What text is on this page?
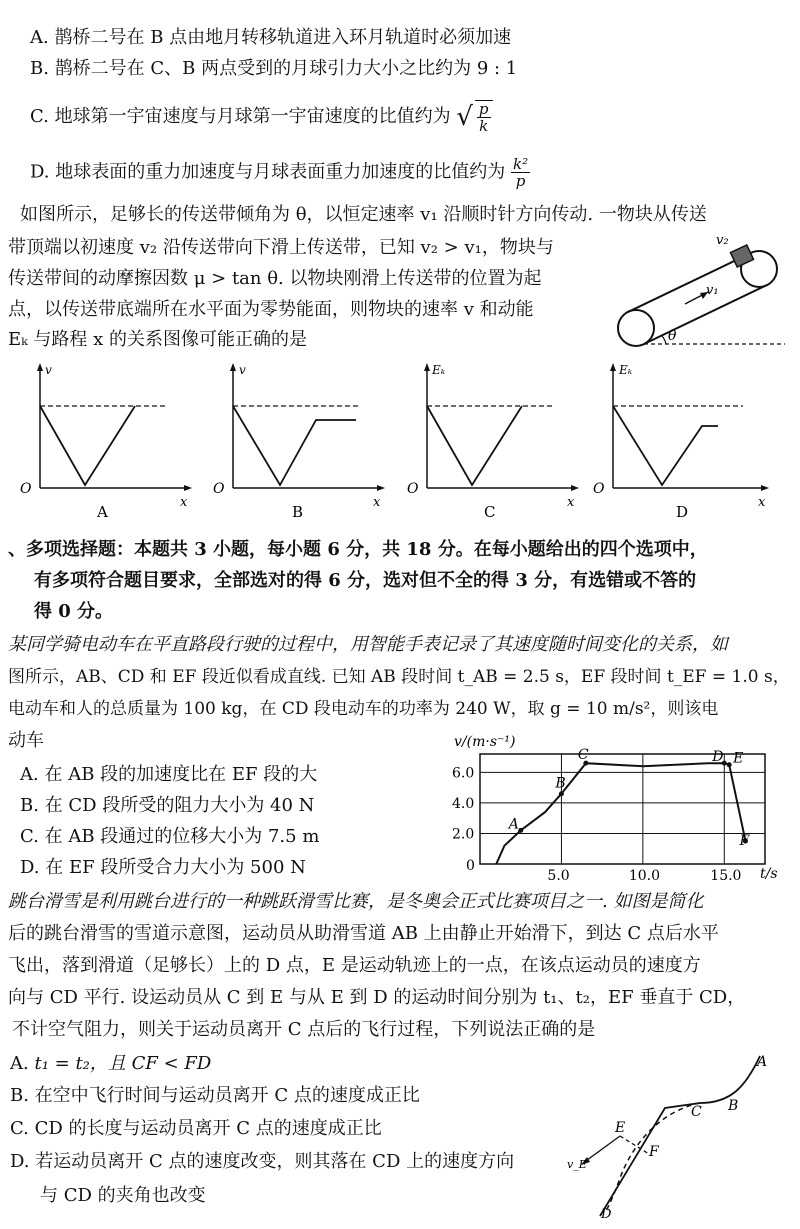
A. 鹊桥二号在 B 点由地月转移轨道进入环月轨道时必须加速
B. 鹊桥二号在 C、B 两点受到的月球引力大小之比约为 9 : 1
C. 地球第一宇宙速度与月球第一宇宙速度的比值约为 √ $\frac{p}{k}$
D. 地球表面的重力加速度与月球表面重力加速度的比值约为 $\frac{\text{k²}}{p}$
如图所示，足够长的传送带倾角为 θ，以恒定速率 v₁ 沿顺时针方向传动. 一物块从传送
带顶端以初速度 v₂ 沿传送带向下滑上传送带，已知 v₂ > v₁，物块与
传送带间的动摩擦因数 μ > tan θ. 以物块刚滑上传送带的位置为起
点，以传送带底端所在水平面为零势能面，则物块的速率 v 和动能
Eₖ 与路程 x 的关系图像可能正确的是
v₁
v₂
θ
v
O
x
A
v
O
x
B
Eₖ
O
x
C
Eₖ
O
x
D
、多项选择题：本题共 3 小题，每小题 6 分，共 18 分。在每小题给出的四个选项中，
有多项符合题目要求，全部选对的得 6 分，选对但不全的得 3 分，有选错或不答的
得 0 分。
某同学骑电动车在平直路段行驶的过程中，用智能手表记录了其速度随时间变化的关系，如
图所示，AB、CD 和 EF 段近似看成直线. 已知 AB 段时间 t_AB = 2.5 s，EF 段时间 t_EF = 1.0 s，
电动车和人的总质量为 100 kg，在 CD 段电动车的功率为 240 W，取 g = 10 m/s²，则该电
动车
A. 在 AB 段的加速度比在 EF 段的大
B. 在 CD 段所受的阻力大小为 40 N
C. 在 AB 段通过的位移大小为 7.5 m
D. 在 EF 段所受合力大小为 500 N
v/(m·s⁻¹)
t/s
0
5.0	10.0	15.0
2.0
4.0
6.0
A
B
C	D E
F
跳台滑雪是利用跳台进行的一种跳跃滑雪比赛，是冬奥会正式比赛项目之一. 如图是简化
后的跳台滑雪的雪道示意图，运动员从助滑雪道 AB 上由静止开始滑下，到达 C 点后水平
飞出，落到滑道（足够长）上的 D 点，E 是运动轨迹上的一点，在该点运动员的速度方
向与 CD 平行. 设运动员从 C 到 E 与从 E 到 D 的运动时间分别为 t₁、t₂，EF 垂直于 CD，
不计空气阻力，则关于运动员离开 C 点后的飞行过程，下列说法正确的是
A. t₁ = t₂，且 CF < FD
B. 在空中飞行时间与运动员离开 C 点的速度成正比
C. CD 的长度与运动员离开 C 点的速度成正比
D. 若运动员离开 C 点的速度改变，则其落在 CD 上的速度方向
与 CD 的夹角也改变
A
B
C
E
F
D
v_E
